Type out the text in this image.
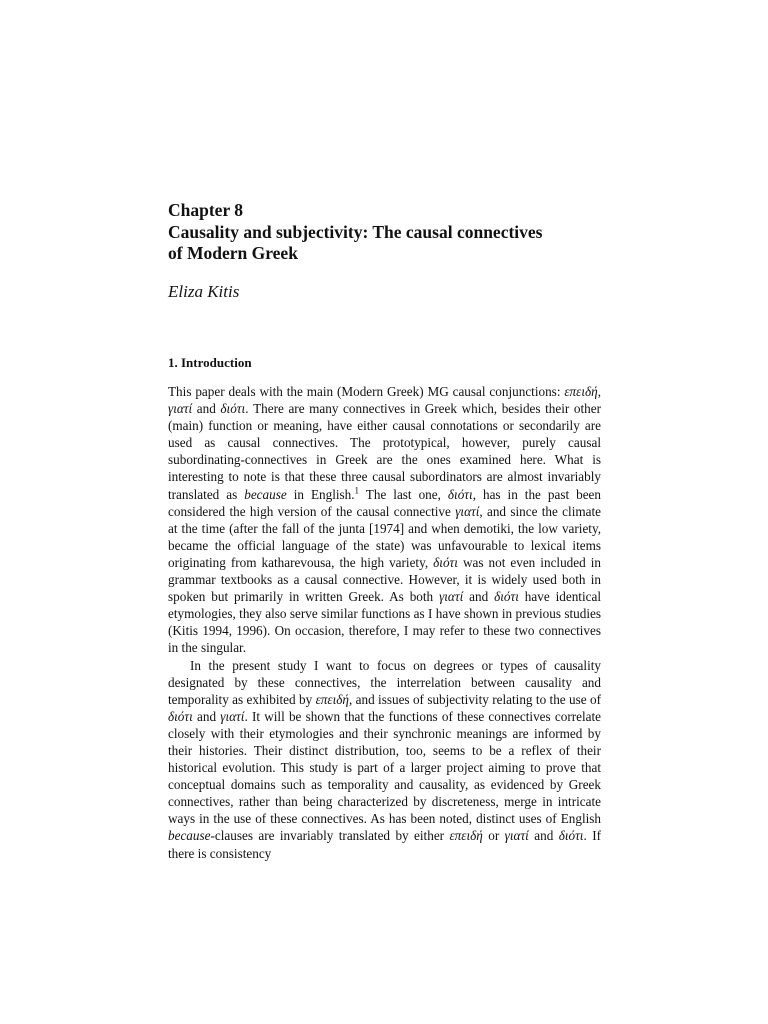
Chapter 8
Causality and subjectivity: The causal connectives
of Modern Greek
Eliza Kitis
1. Introduction

This paper deals with the main (Modern Greek) MG causal conjunctions: επειδή, γιατί and διότι. There are many connectives in Greek which, besides their other (main) function or meaning, have either causal connotations or secondarily are used as causal connectives. The prototypical, however, purely causal subordinating-connectives in Greek are the ones examined here. What is interesting to note is that these three causal subordinators are almost invariably translated as because in English.$^1$ The last one, διότι, has in the past been considered the high version of the causal connective γιατί, and since the climate at the time (after the fall of the junta [1974] and when demotiki, the low variety, became the official language of the state) was unfavourable to lexical items originating from katharevousa, the high variety, διότι was not even included in grammar textbooks as a causal connective. However, it is widely used both in spoken but primarily in written Greek. As both γιατί and διότι have identical etymologies, they also serve similar functions as I have shown in previous studies (Kitis 1994, 1996). On occasion, therefore, I may refer to these two connectives in the singular.

In the present study I want to focus on degrees or types of causality designated by these connectives, the interrelation between causality and temporality as exhibited by επειδή, and issues of subjectivity relating to the use of διότι and γιατί. It will be shown that the functions of these connectives correlate closely with their etymologies and their synchronic meanings are informed by their histories. Their distinct distribution, too, seems to be a reflex of their historical evolution. This study is part of a larger project aiming to prove that conceptual domains such as temporality and causality, as evidenced by Greek connectives, rather than being characterized by discreteness, merge in intricate ways in the use of these connectives. As has been noted, distinct uses of English because-clauses are invariably translated by either επειδή or γιατί and διότι. If there is consistency
